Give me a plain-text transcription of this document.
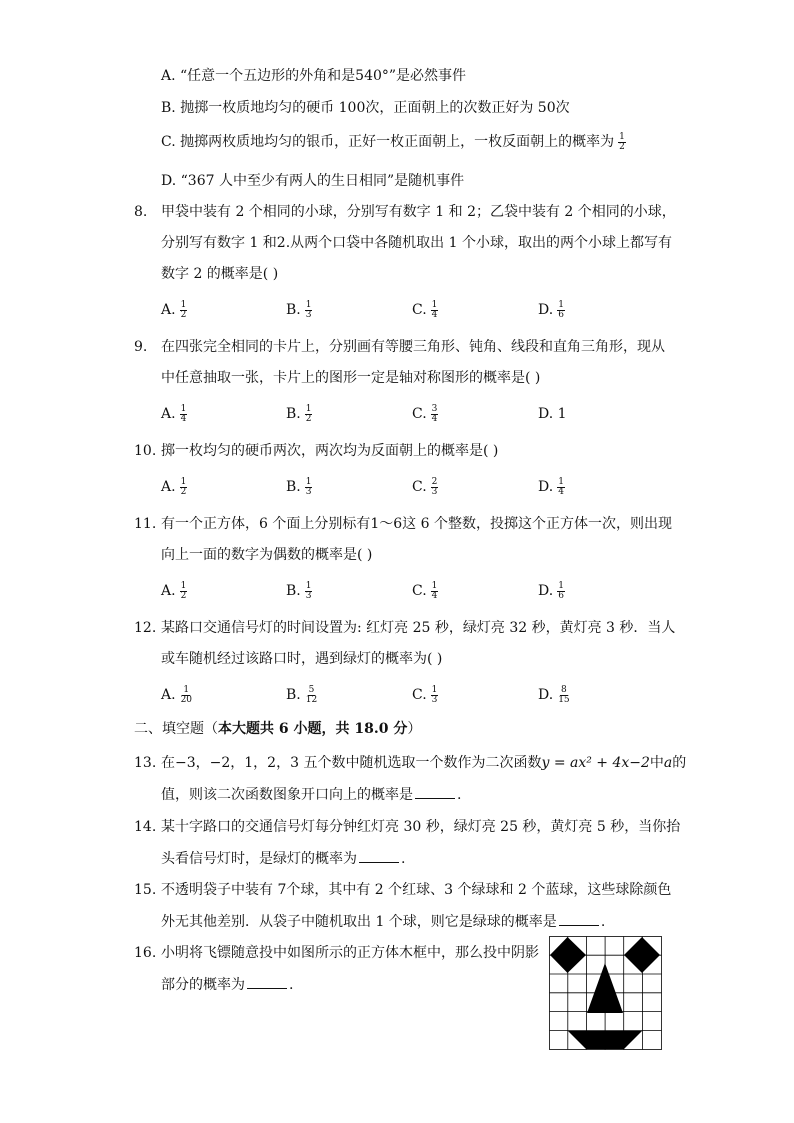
A. “任意一个五边形的外角和是540°”是必然事件
B. 抛掷一枚质地均匀的硬币 100次，正面朝上的次数正好为 50次
C. 抛掷两枚质地均匀的银币，正好一枚正面朝上，一枚反面朝上的概率为 $\frac{1}{2}$
D. “367 人中至少有两人的生日相同”是随机事件
8. 甲袋中装有 2 个相同的小球，分别写有数字 1 和 2；乙袋中装有 2 个相同的小球，
分别写有数字 1 和2.从两个口袋中各随机取出 1 个小球，取出的两个小球上都写有
数字 2 的概率是( )
A. $\frac{1}{2}$	B. $\frac{1}{3}$	C. $\frac{1}{4}$	D. $\frac{1}{6}$
9. 在四张完全相同的卡片上，分别画有等腰三角形、钝角、线段和直角三角形，现从
中任意抽取一张，卡片上的图形一定是轴对称图形的概率是( )
A. $\frac{1}{4}$	B. $\frac{1}{2}$	C. $\frac{3}{4}$	D. 1
10. 掷一枚均匀的硬币两次，两次均为反面朝上的概率是( )
A. $\frac{1}{2}$	B. $\frac{1}{3}$	C. $\frac{2}{3}$	D. $\frac{1}{4}$
11. 有一个正方体，6 个面上分别标有1～6这 6 个整数，投掷这个正方体一次，则出现
向上一面的数字为偶数的概率是( )
A. $\frac{1}{2}$	B. $\frac{1}{3}$	C. $\frac{1}{4}$	D. $\frac{1}{6}$
12. 某路口交通信号灯的时间设置为: 红灯亮 25 秒，绿灯亮 32 秒，黄灯亮 3 秒．当人
或车随机经过该路口时，遇到绿灯的概率为( )
A. $\frac{1}{20}$	B. $\frac{5}{12}$	C. $\frac{1}{3}$	D. $\frac{8}{15}$
二、填空题（本大题共 6 小题，共 18.0 分）
13. 在−3，−2，1，2，3 五个数中随机选取一个数作为二次函数y = ax² + 4x−2中a的
值，则该二次函数图象开口向上的概率是	.
14. 某十字路口的交通信号灯每分钟红灯亮 30 秒，绿灯亮 25 秒，黄灯亮 5 秒，当你抬
头看信号灯时，是绿灯的概率为	.
15. 不透明袋子中装有 7个球，其中有 2 个红球、3 个绿球和 2 个蓝球，这些球除颜色
外无其他差别．从袋子中随机取出 1 个球，则它是绿球的概率是	.
16. 小明将飞镖随意投中如图所示的正方体木框中，那么投中阴影
部分的概率为	.
